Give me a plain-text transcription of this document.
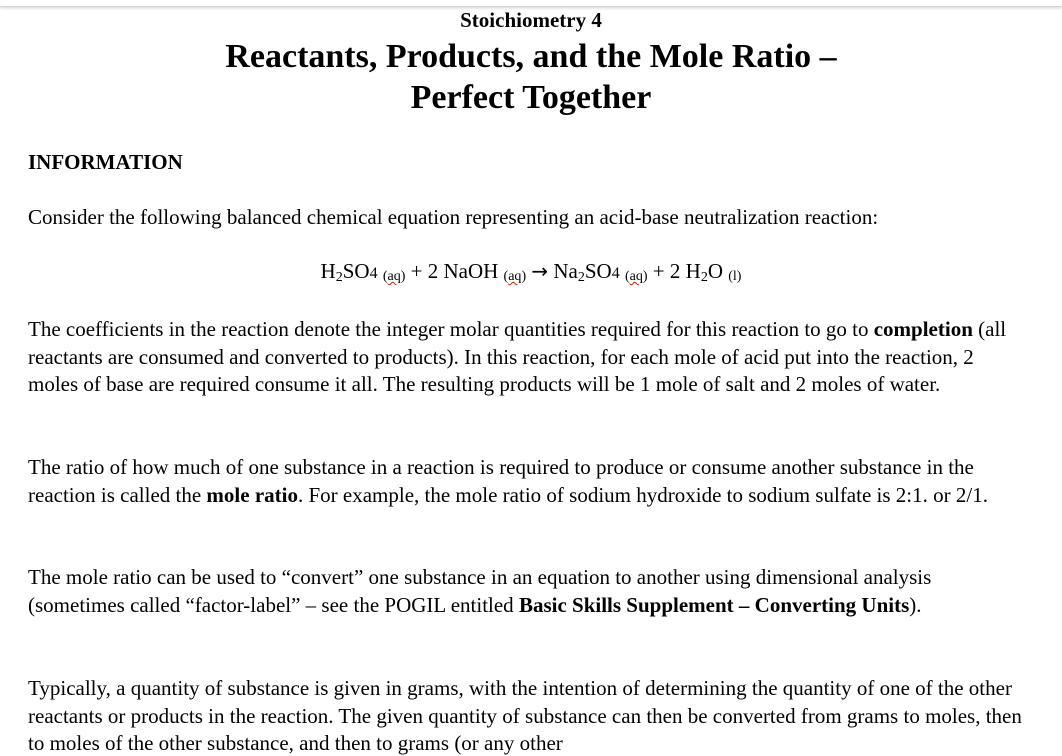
Stoichiometry 4
Reactants, Products, and the Mole Ratio –
Perfect Together
INFORMATION
Consider the following balanced chemical equation representing an acid-base neutralization reaction:
$H_2SO4$ (aq) + 2 NaOH $(aq) \to Na_2SO4$ (aq) + 2 $H_2O$ (l)
The coefficients in the reaction denote the integer molar quantities required for this reaction to go to completion (all reactants are consumed and converted to products). In this reaction, for each mole of acid put into the reaction, 2 moles of base are required consume it all. The resulting products will be 1 mole of salt and 2 moles of water.
The ratio of how much of one substance in a reaction is required to produce or consume another substance in the reaction is called the mole ratio. For example, the mole ratio of sodium hydroxide to sodium sulfate is 2:1. or 2/1.
The mole ratio can be used to “convert” one substance in an equation to another using dimensional analysis (sometimes called “factor-label” – see the POGIL entitled Basic Skills Supplement – Converting Units).
Typically, a quantity of substance is given in grams, with the intention of determining the quantity of one of the other reactants or products in the reaction. The given quantity of substance can then be converted from grams to moles, then to moles of the other substance, and then to grams (or any other
